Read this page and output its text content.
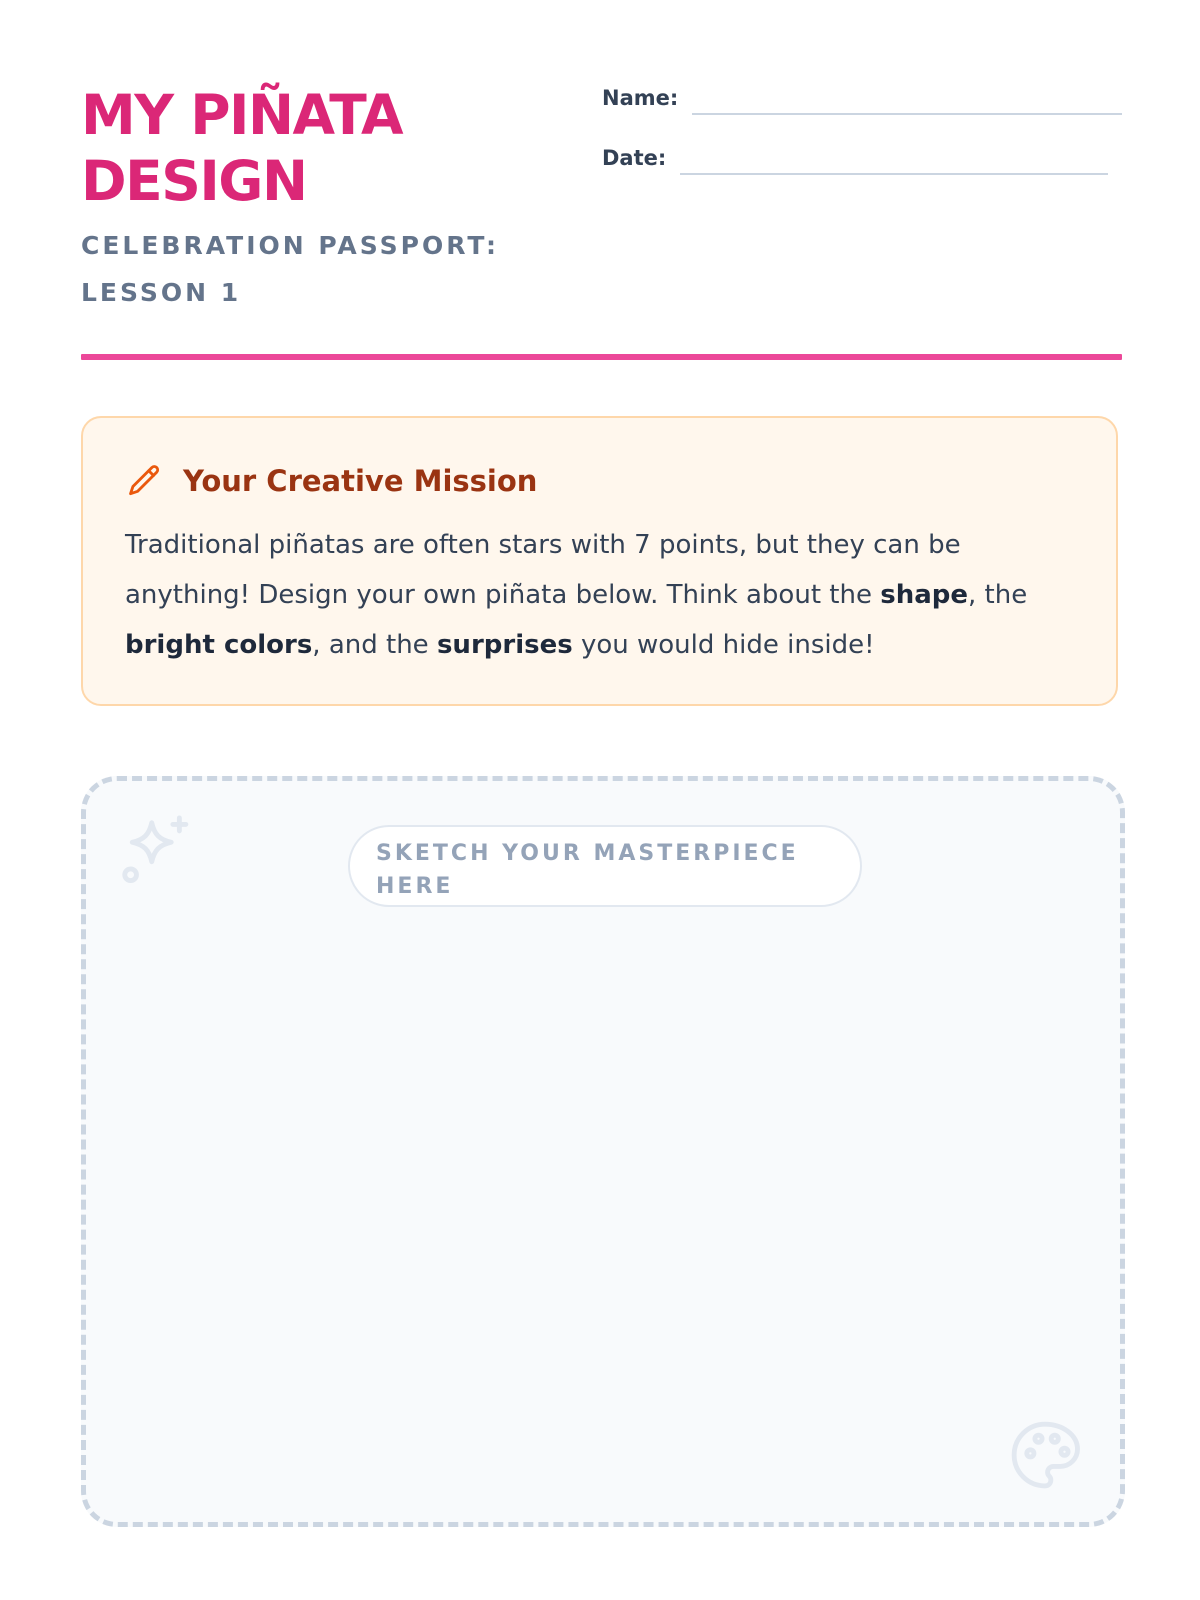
MY PIÑATA DESIGN

CELEBRATION PASSPORT: LESSON 1

Name:
Date:
Your Creative Mission

Traditional piñatas are often stars with 7 points, but they can be anything! Design your own piñata below. Think about the shape, the bright colors, and the surprises you would hide inside!

SKETCH YOUR MASTERPIECE HERE
